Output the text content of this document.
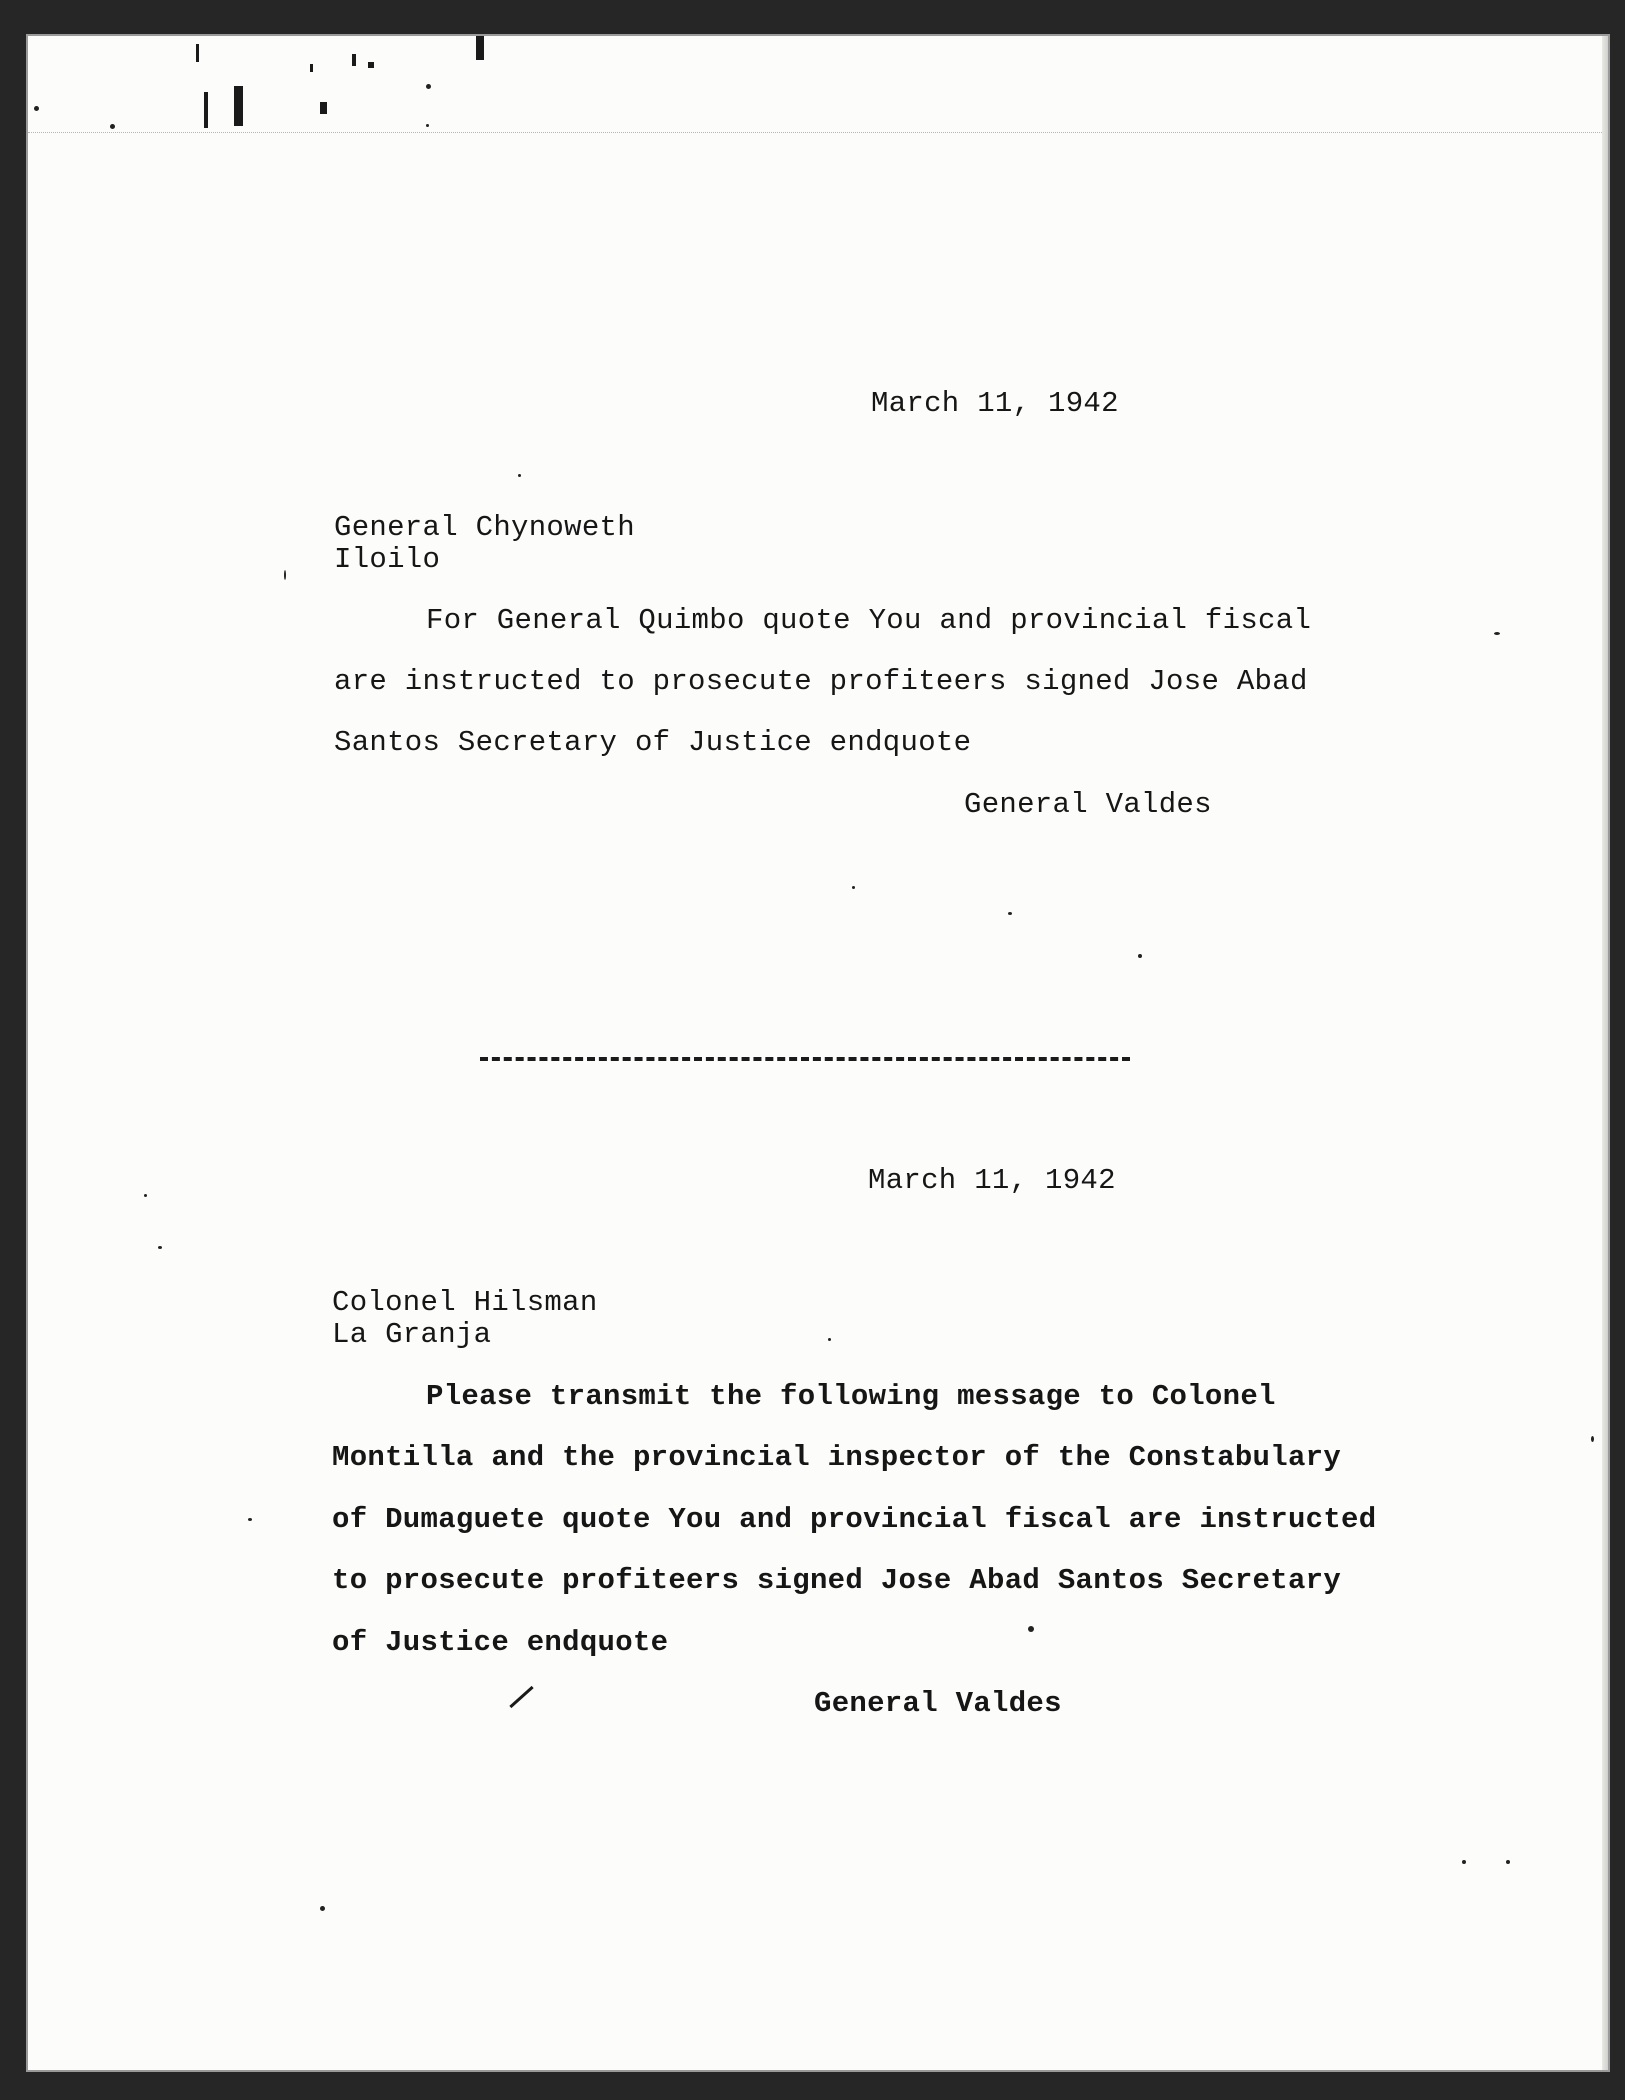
March 11, 1942
General Chynoweth
Iloilo
For General Quimbo quote You and provincial fiscal
are instructed to prosecute profiteers signed Jose Abad
Santos Secretary of Justice endquote
General Valdes
March 11, 1942
Colonel Hilsman
La Granja
Please transmit the following message to Colonel
Montilla and the provincial inspector of the Constabulary
of Dumaguete quote You and provincial fiscal are instructed
to prosecute profiteers signed Jose Abad Santos Secretary
of Justice endquote
General Valdes
